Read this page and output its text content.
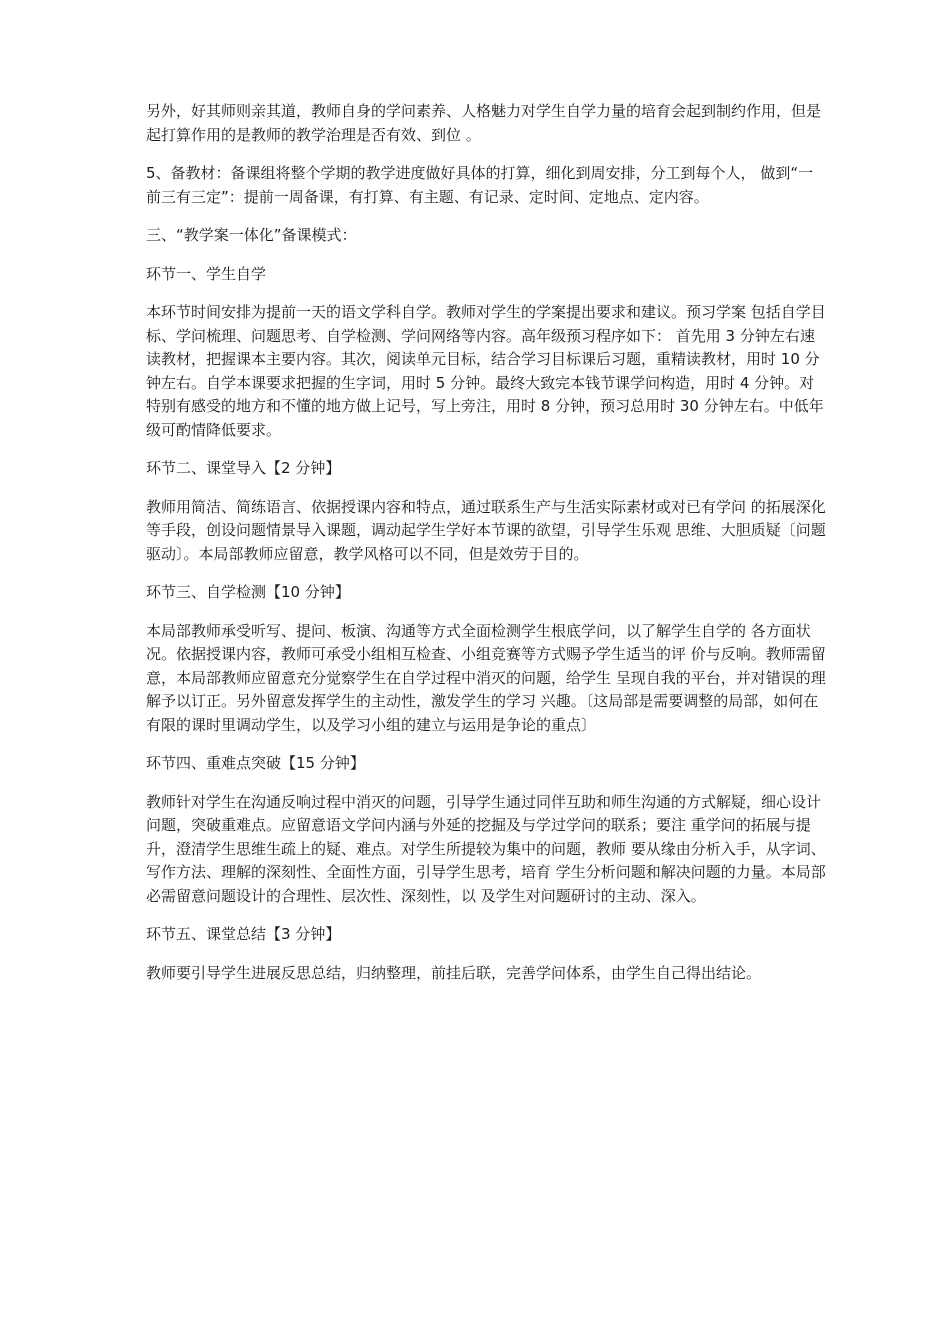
另外，好其师则亲其道，教师自身的学问素养、人格魅力对学生自学力量的培育会起到制约作用，但是起打算作用的是教师的教学治理是否有效、到位 。

5、备教材：备课组将整个学期的教学进度做好具体的打算，细化到周安排，分工到每个人， 做到“一前三有三定”：提前一周备课，有打算、有主题、有记录、定时间、定地点、定内容。

三、“教学案一体化”备课模式：

环节一、学生自学

本环节时间安排为提前一天的语文学科自学。教师对学生的学案提出要求和建议。预习学案 包括自学目标、学问梳理、问题思考、自学检测、学问网络等内容。高年级预习程序如下： 首先用 3 分钟左右速读教材，把握课本主要内容。其次，阅读单元目标，结合学习目标课后习题，重精读教材，用时 10 分钟左右。自学本课要求把握的生字词，用时 5 分钟。最终大致完本钱节课学问构造，用时 4 分钟。对特别有感受的地方和不懂的地方做上记号，写上旁注，用时 8 分钟，预习总用时 30 分钟左右。中低年级可酌情降低要求。

环节二、课堂导入【2 分钟】

教师用简洁、简练语言、依据授课内容和特点，通过联系生产与生活实际素材或对已有学问 的拓展深化等手段，创设问题情景导入课题，调动起学生学好本节课的欲望，引导学生乐观 思维、大胆质疑〔问题驱动〕。本局部教师应留意，教学风格可以不同，但是效劳于目的。

环节三、自学检测【10 分钟】

本局部教师承受听写、提问、板演、沟通等方式全面检测学生根底学问，以了解学生自学的 各方面状况。依据授课内容，教师可承受小组相互检查、小组竞赛等方式赐予学生适当的评 价与反响。教师需留意，本局部教师应留意充分觉察学生在自学过程中消灭的问题，给学生 呈现自我的平台，并对错误的理解予以订正。另外留意发挥学生的主动性，激发学生的学习 兴趣。〔这局部是需要调整的局部，如何在有限的课时里调动学生，以及学习小组的建立与运用是争论的重点〕

环节四、重难点突破【15 分钟】

教师针对学生在沟通反响过程中消灭的问题，引导学生通过同伴互助和师生沟通的方式解疑，细心设计问题，突破重难点。应留意语文学问内涵与外延的挖掘及与学过学问的联系；要注 重学问的拓展与提升，澄清学生思维生疏上的疑、难点。对学生所提较为集中的问题，教师 要从缘由分析入手，从字词、写作方法、理解的深刻性、全面性方面，引导学生思考，培育 学生分析问题和解决问题的力量。本局部必需留意问题设计的合理性、层次性、深刻性，以 及学生对问题研讨的主动、深入。

环节五、课堂总结【3 分钟】

教师要引导学生进展反思总结，归纳整理，前挂后联，完善学问体系，由学生自己得出结论。
